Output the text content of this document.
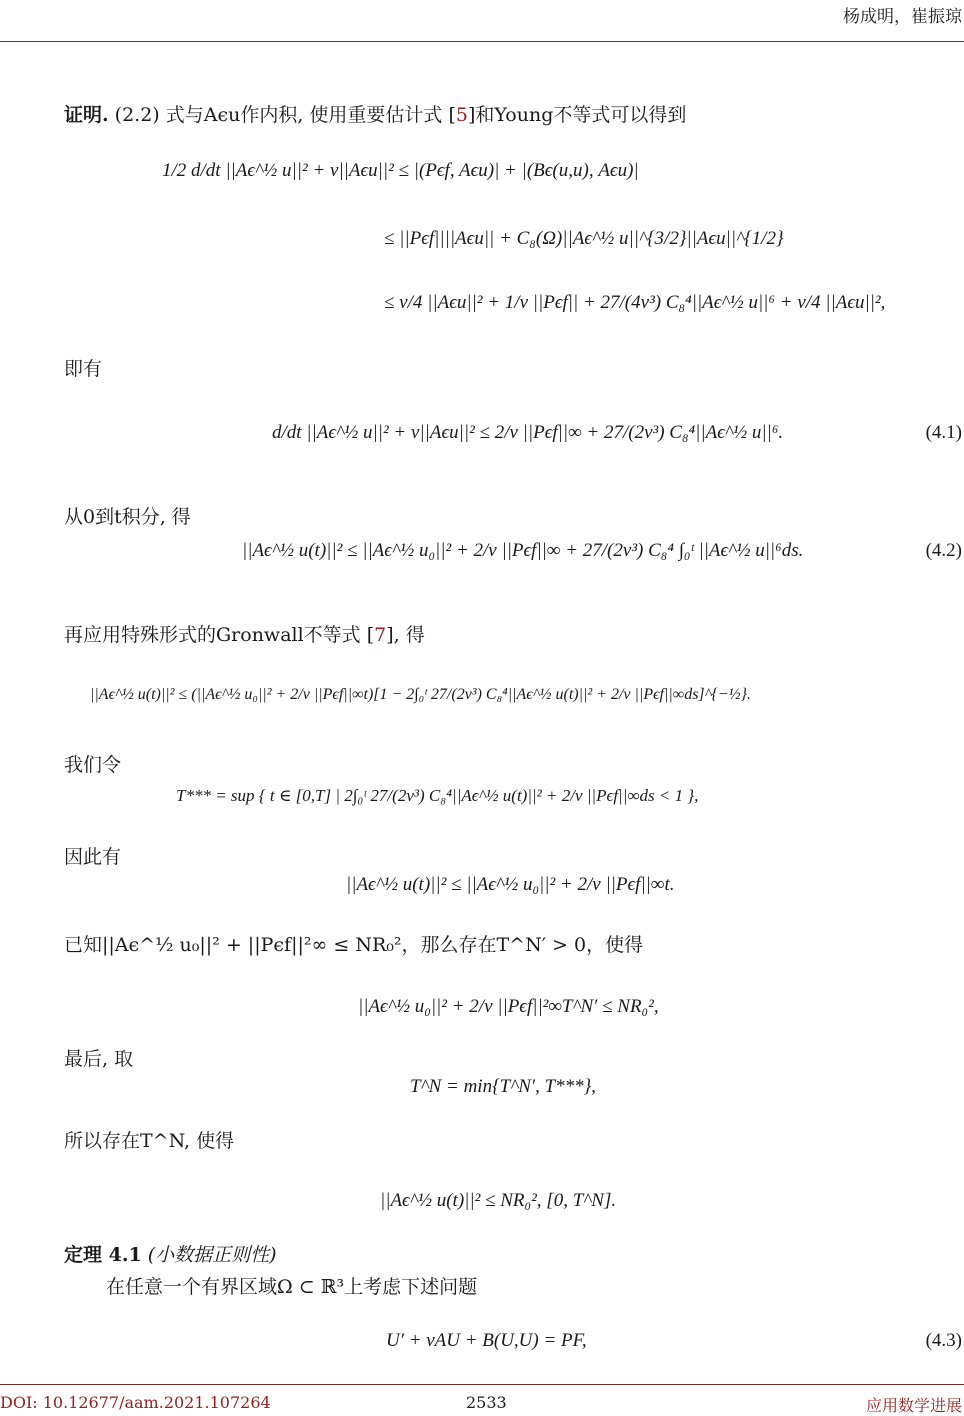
杨成明，崔振琼
证明. (2.2) 式与Aϵu作内积, 使用重要估计式 [5]和Young不等式可以得到
1/2 d/dt ||Aϵ^½ u||² + ν||Aϵu||² ≤ |(Pϵf, Aϵu)| + |(Bϵ(u,u), Aϵu)|
≤ ||Pϵf||||Aϵu|| + C₈(Ω)||Aϵ^½ u||^{3/2}||Aϵu||^{1/2}
≤ ν/4 ||Aϵu||² + 1/ν ||Pϵf|| + 27/(4ν³) C₈⁴||Aϵ^½ u||⁶ + ν/4 ||Aϵu||²,
即有
d/dt ||Aϵ^½ u||² + ν||Aϵu||² ≤ 2/ν ||Pϵf||∞ + 27/(2ν³) C₈⁴||Aϵ^½ u||⁶.	(4.1)
从0到t积分, 得
||Aϵ^½ u(t)||² ≤ ||Aϵ^½ u₀||² + 2/ν ||Pϵf||∞ + 27/(2ν³) C₈⁴ ∫₀ᵗ ||Aϵ^½ u||⁶ds.	(4.2)
再应用特殊形式的Gronwall不等式 [7], 得
||Aϵ^½ u(t)||² ≤ (||Aϵ^½ u₀||² + 2/ν ||Pϵf||∞t)[1 − 2∫₀ᵗ 27/(2ν³) C₈⁴||Aϵ^½ u(t)||² + 2/ν ||Pϵf||∞ds]^{−½}.
我们令
T*** = sup { t ∈ [0,T] | 2∫₀ᵗ 27/(2ν³) C₈⁴||Aϵ^½ u(t)||² + 2/ν ||Pϵf||∞ds < 1 },
因此有
||Aϵ^½ u(t)||² ≤ ||Aϵ^½ u₀||² + 2/ν ||Pϵf||∞t.
已知||Aϵ^½ u₀||² + ||Pϵf||²∞ ≤ NR₀²，那么存在T^N′ > 0，使得
||Aϵ^½ u₀||² + 2/ν ||Pϵf||²∞T^N′ ≤ NR₀²,
最后, 取
T^N = min{T^N′, T***},
所以存在T^N, 使得
||Aϵ^½ u(t)||² ≤ NR₀², [0, T^N].
定理 4.1 (小数据正则性)
在任意一个有界区域Ω ⊂ ℝ³上考虑下述问题
U′ + νAU + B(U,U) = PF,	(4.3)
DOI: 10.12677/aam.2021.107264	2533	应用数学进展
